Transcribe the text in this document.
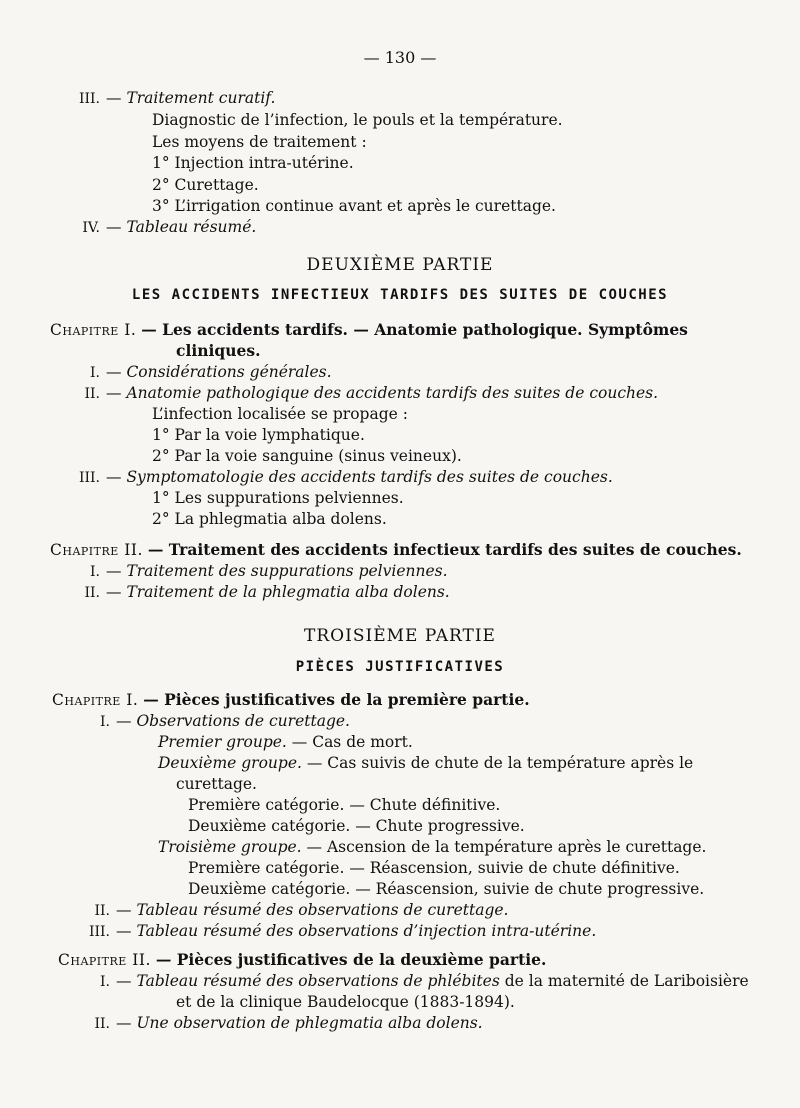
— 130 —
III. — Traitement curatif.
Diagnostic de l’infection, le pouls et la température.
Les moyens de traitement :
1° Injection intra-utérine.
2° Curettage.
3° L’irrigation continue avant et après le curettage.
IV. — Tableau résumé.
DEUXIÈME PARTIE
LES ACCIDENTS INFECTIEUX TARDIFS DES SUITES DE COUCHES
Chapitre I. — Les accidents tardifs. — Anatomie pathologique. Symptômes
cliniques.
I. — Considérations générales.
II. — Anatomie pathologique des accidents tardifs des suites de couches.
L’infection localisée se propage :
1° Par la voie lymphatique.
2° Par la voie sanguine (sinus veineux).
III. — Symptomatologie des accidents tardifs des suites de couches.
1° Les suppurations pelviennes.
2° La phlegmatia alba dolens.
Chapitre II. — Traitement des accidents infectieux tardifs des suites de couches.
I. — Traitement des suppurations pelviennes.
II. — Traitement de la phlegmatia alba dolens.
TROISIÈME PARTIE
PIÈCES JUSTIFICATIVES
Chapitre I. — Pièces justificatives de la première partie.
I. — Observations de curettage.
Premier groupe. — Cas de mort.
Deuxième groupe. — Cas suivis de chute de la température après le
curettage.
Première catégorie. — Chute définitive.
Deuxième catégorie. — Chute progressive.
Troisième groupe. — Ascension de la température après le curettage.
Première catégorie. — Réascension, suivie de chute définitive.
Deuxième catégorie. — Réascension, suivie de chute progressive.
II. — Tableau résumé des observations de curettage.
III. — Tableau résumé des observations d’injection intra-utérine.
Chapitre II. — Pièces justificatives de la deuxième partie.
I. — Tableau résumé des observations de phlébites de la maternité de Lariboisière
et de la clinique Baudelocque (1883-1894).
II. — Une observation de phlegmatia alba dolens.
